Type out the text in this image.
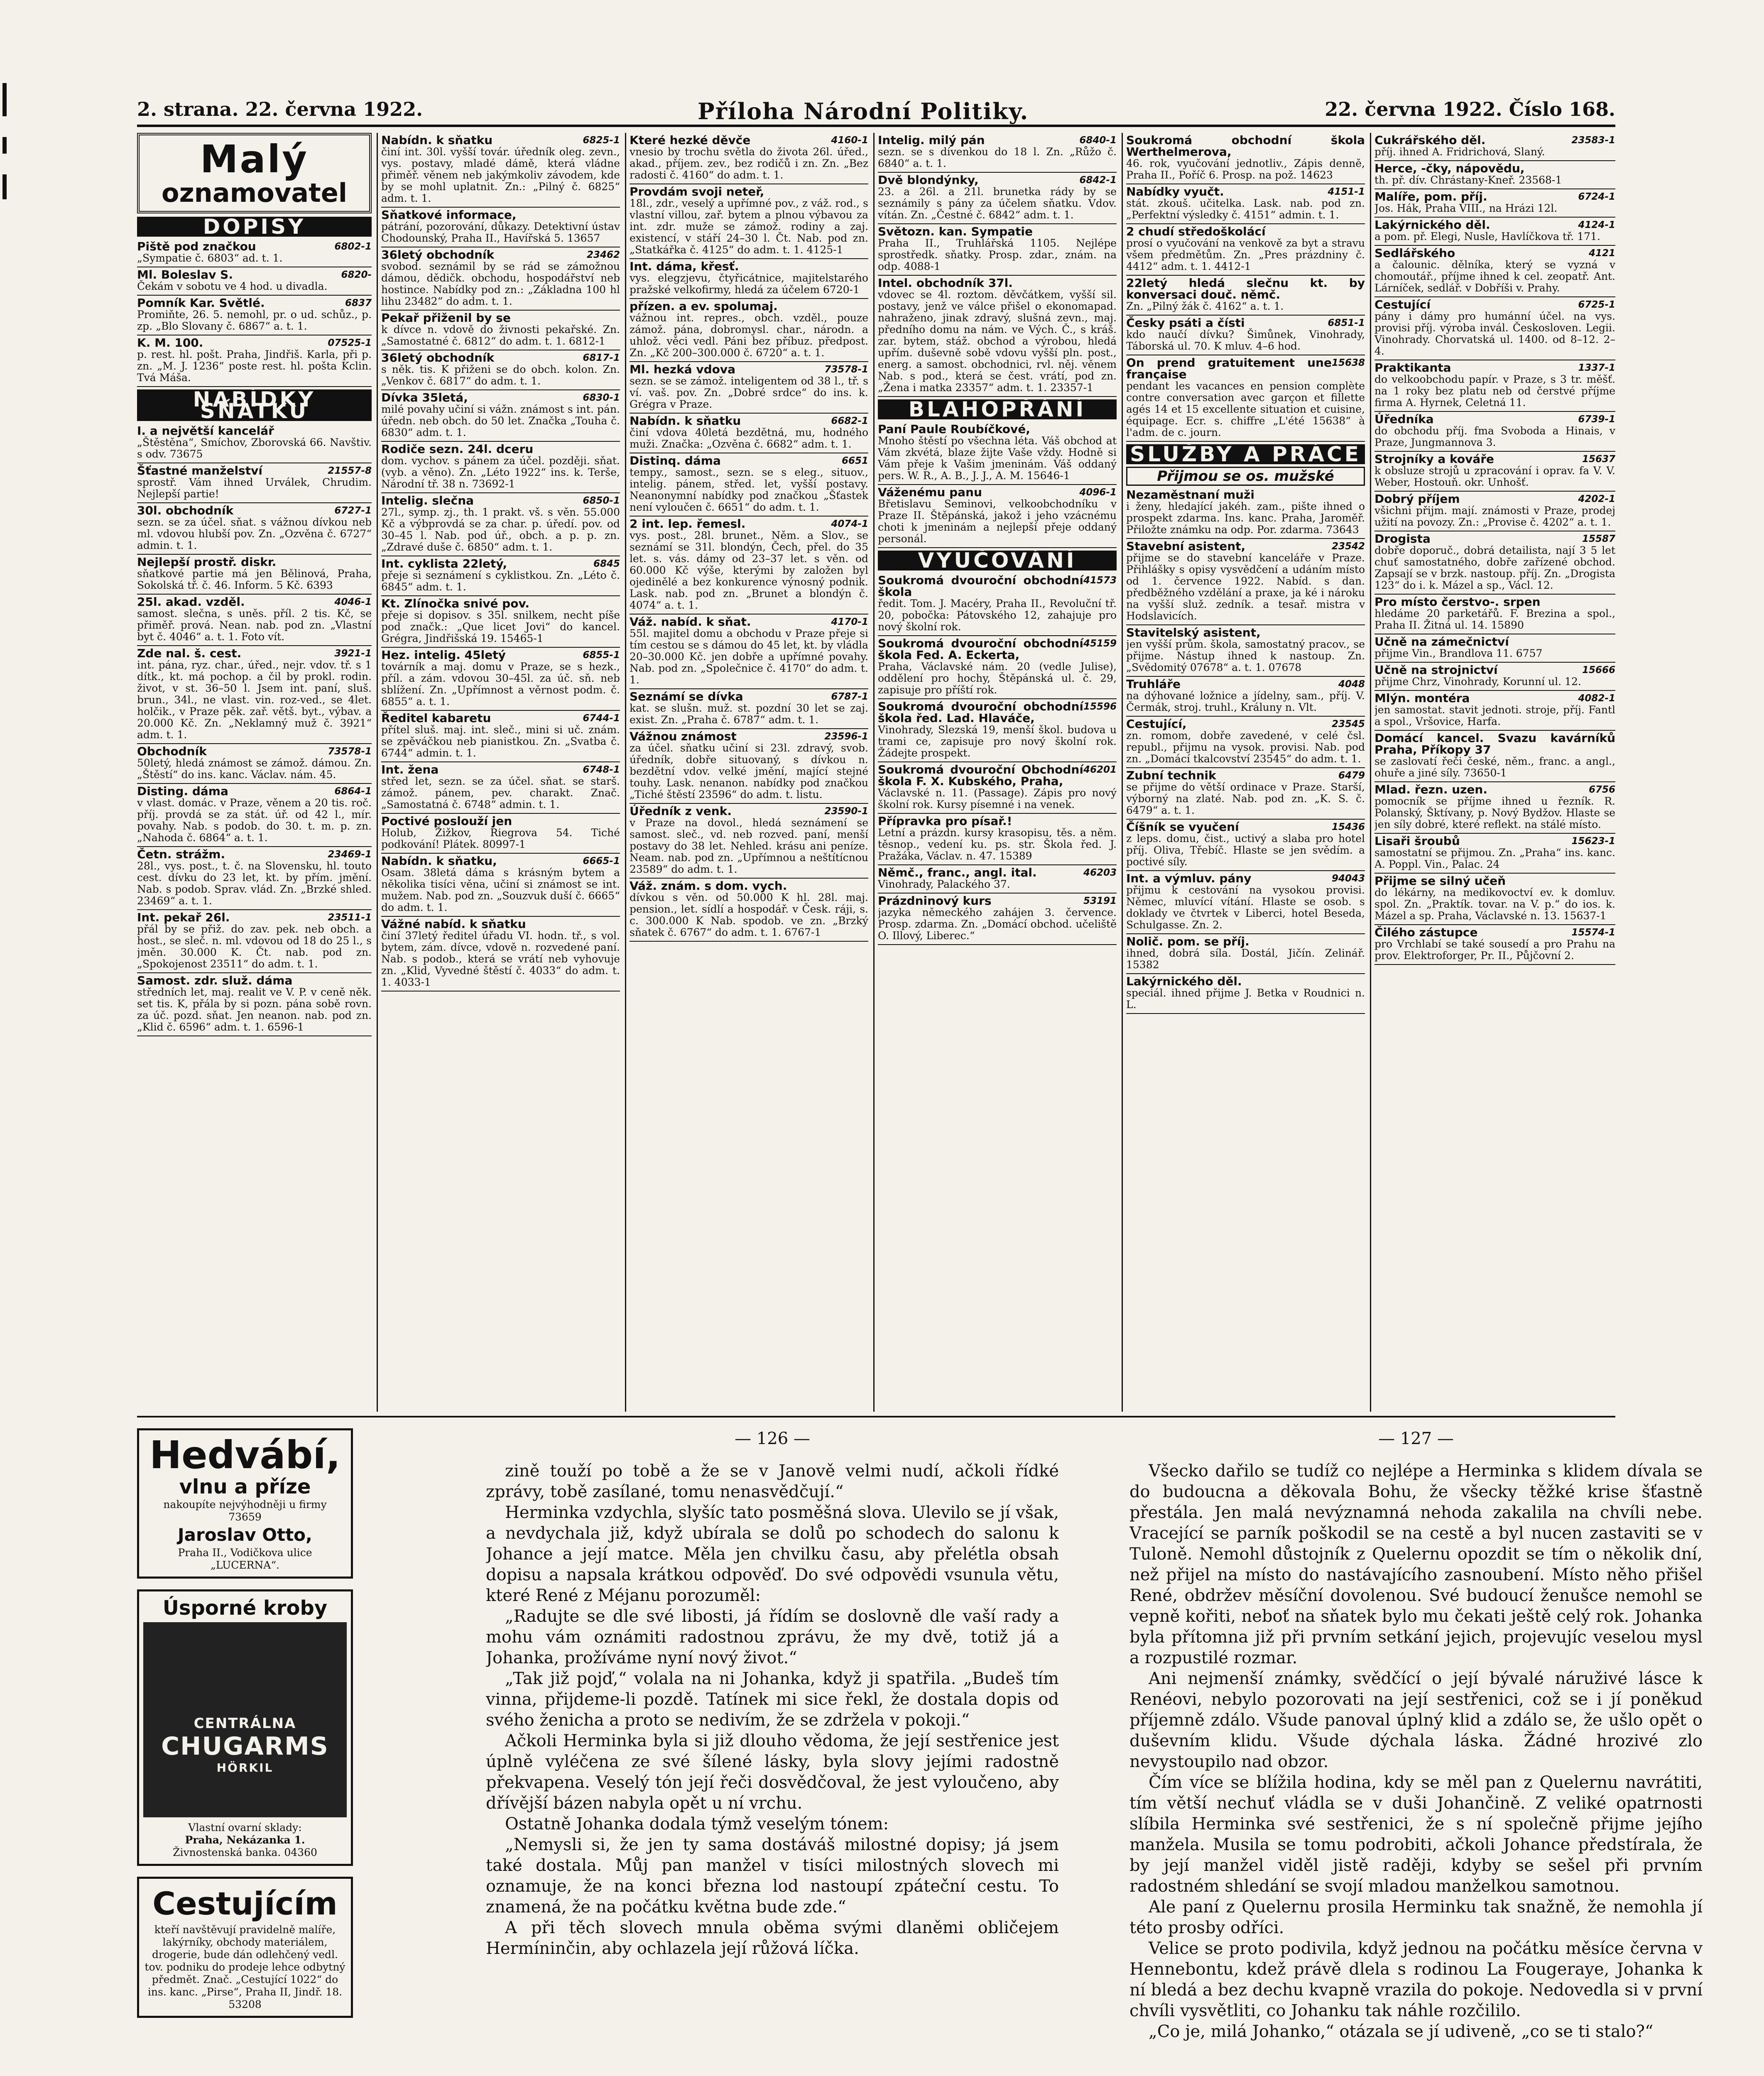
2. strana. 22. června 1922.	Příloha Národní Politiky.	22. června 1922. Číslo 168.
Malý
oznamovatel
DOPISY
6802-1
Piště pod značkou
„Sympatie č. 6803“ ad. t. 1.
6820-
Ml. Boleslav S.
Čekám v sobotu ve 4 hod. u divadla.
6837
Pomník Kar. Světlé.
Promiňte, 26. 5. nemohl, pr. o ud. schůz., p. zp. „Blo Slovany č. 6867“ a. t. 1.
07525-1
K. M. 100.
p. rest. hl. pošt. Praha, Jindřiš. Karla, při p. zn. „M. J. 1236“ poste rest. hl. pošta Kclin. Tvá Máša.
NABÍDKY SŇATKU
I. a největší kancelář
„Štěstěna“, Smíchov, Zborovská 66. Navštiv. s odv. 73675
21557-8
Šťastné manželství
sprostř. Vám ihned Urválek, Chrudim. Nejlepší partie!
6727-1
30l. obchodník
sezn. se za účel. sňat. s vážnou dívkou neb ml. vdovou hlubší pov. Zn. „Ozvěna č. 6727“ admin. t. 1.
Nejlepší prostř. diskr.
sňatkové partie má jen Bělinová, Praha, Sokolská tř. č. 46. Inform. 5 Kč. 6393
4046-1
25l. akad. vzděl.
samost. slečna, s uněs. příl. 2 tis. Kč, se přiměř. prová. Nean. nab. pod zn. „Vlastní byt č. 4046“ a. t. 1. Foto vít.
3921-1
Zde nal. š. cest.
int. pána, ryz. char., úřed., nejr. vdov. tř. s 1 dítk., kt. má pochop. a čil by prokl. rodin. život, v st. 36–50 l. Jsem int. paní, sluš. brun., 34l., ne vlast. vin. roz-ved., se 4let. holčik., v Praze pěk. zař. větš. byt., výbav. a 20.000 Kč. Zn. „Neklamný muž č. 3921“ adm. t. 1.
73578-1
Obchodník
50letý, hledá známost se zámož. dámou. Zn. „Štěstí“ do ins. kanc. Václav. nám. 45.
6864-1
Disting. dáma
v vlast. domác. v Praze, věnem a 20 tis. roč. příj. provdá se za stát. úř. od 42 l., mír. povahy. Nab. s podob. do 30. t. m. p. zn. „Nahoda č. 6864“ a. t. 1.
23469-1
Četn. strážm.
28l., vys. post., t. č. na Slovensku, hl. touto cest. dívku do 23 let, kt. by přím. jmění. Nab. s podob. Sprav. vlád. Zn. „Brzké shled. 23469“ a. t. 1.
23511-1
Int. pekař 26l.
přál by se přiž. do zav. pek. neb obch. a host., se sleč. n. ml. vdovou od 18 do 25 l., s jměn. 30.000 K. Čt. nab. pod zn. „Spokojenost 23511“ do adm. t. 1.
Samost. zdr. služ. dáma
středních let, maj. realit ve V. P. v ceně něk. set tis. K, přála by si pozn. pána sobě rovn. za úč. pozd. sňat. Jen neanon. nab. pod zn. „Klid č. 6596“ adm. t. 1. 6596-1
6825-1
Nabídn. k sňatku
činí int. 30l. vyšší továr. úředník oleg. zevn., vys. postavy, mladé dámě, která vládne přiměř. věnem neb jakýmkoliv závodem, kde by se mohl uplatnit. Zn.: „Pilný č. 6825“ adm. t. 1.
Sňatkové informace,
pátrání, pozorování, důkazy. Detektivní ústav Chodounský, Praha II., Havířská 5. 13657
23462
36letý obchodník
svobod. seznámil by se rád se zámožnou dámou, dědičk. obchodu, hospodářství neb hostince. Nabídky pod zn.: „Základna 100 hl lihu 23482“ do adm. t. 1.
Pekař přiženil by se
k dívce n. vdově do živnosti pekařské. Zn. „Samostatné č. 6812“ do adm. t. 1. 6812-1
6817-1
36letý obchodník
s něk. tis. K přiženi se do obch. kolon. Zn. „Venkov č. 6817“ do adm. t. 1.
6830-1
Dívka 35letá,
milé povahy učiní si vážn. známost s int. pán. úředn. neb obch. do 50 let. Značka „Touha č. 6830“ adm. t. 1.
Rodiče sezn. 24l. dceru
dom. vychov. s pánem za účel. později. sňat. (vyb. a věno). Zn. „Léto 1922“ ins. k. Terše, Národní tř. 38 n. 73692-1
6850-1
Intelig. slečna
27l., symp. zj., th. 1 prakt. vš. s věn. 55.000 Kč a výbprovdá se za char. p. úředí. pov. od 30–45 l. Nab. pod úř., obch. a p. p. zn. „Zdravé duše č. 6850“ adm. t. 1.
6845
Int. cyklista 22letý,
přeje si seznámení s cyklistkou. Zn. „Léto č. 6845“ adm. t. 1.
Kt. Zlínočka snivé pov.
přeje si dopisov. s 35l. snilkem, necht píše pod značk.: „Que licet Jovi“ do kancel. Grégra, Jindřišská 19. 15465-1
6855-1
Hez. intelig. 45letý
továrník a maj. domu v Praze, se s hezk., příl. a zám. vdovou 30–45l. za úč. sň. neb sblížení. Zn. „Upřímnost a věrnost podm. č. 6855“ a. t. 1.
6744-1
Ředitel kabaretu
přítel sluš. maj. int. sleč., mini si uč. znám. se zpěváčkou neb pianistkou. Zn. „Svatba č. 6744“ admin. t. 1.
6748-1
Int. žena
střed let, sezn. se za účel. sňat. se starš. zámož. pánem, pev. charakt. Znač. „Samostatná č. 6748“ admin. t. 1.
Poctivé poslouží jen
Holub, Žižkov, Riegrova 54. Tiché podkování! Plátek. 80997-1
6665-1
Nabídn. k sňatku,
Osam. 38letá dáma s krásným bytem a několika tisíci věna, učiní si známost se int. mužem. Nab. pod zn. „Souzvuk duší č. 6665“ do adm. t. 1.
Vážné nabíd. k sňatku
činí 37letý ředitel úřadu VI. hodn. tř., s vol. bytem, zám. dívce, vdově n. rozvedené paní. Nab. s podob., která se vrátí neb vyhovuje zn. „Klid, Vyvedné štěstí č. 4033“ do adm. t. 1. 4033-1
4160-1
Které hezké děvče
vnesio by trochu světla do života 26l. úřed., akad., příjem. zev., bez rodičů i zn. Zn. „Bez radosti č. 4160“ do adm. t. 1.
Provdám svoji neteř,
18l., zdr., veselý a upřímné pov., z váž. rod., s vlastní villou, zař. bytem a plnou výbavou za int. zdr. muže se zámož. rodiny a zaj. existencí, v stáří 24–30 l. Čt. Nab. pod zn. „Statkářka č. 4125“ do adm. t. 1. 4125-1
Int. dáma, křesť.
vys. elegzjevu, čtyřicátnice, majitelstarého pražské velkofirmy, hledá za účelem 6720-1
přízen. a ev. spolumaj.
vážnou int. repres., obch. vzděl., pouze zámož. pána, dobromysl. char., národn. a uhlož. věci vedl. Páni bez příbuz. předpost. Zn. „Kč 200–300.000 č. 6720“ a. t. 1.
73578-1
Ml. hezká vdova
sezn. se se zámož. inteligentem od 38 l., tř. s ví. vaš. pov. Zn. „Dobré srdce“ do ins. k. Grégra v Praze.
6682-1
Nabídn. k sňatku
činí vdova 40letá bezdětná, mu, hodného muži. Značka: „Ozvěna č. 6682“ adm. t. 1.
6651
Distinq. dáma
tempy., samost., sezn. se s eleg., situov., intelig. pánem, střed. let, vyšší postavy. Neanonymní nabídky pod značkou „Šťastek není vyloučen č. 6651“ do adm. t. 1.
4074-1
2 int. lep. řemesl.
vys. post., 28l. brunet., Něm. a Slov., se seznámí se 31l. blondýn, Čech, přel. do 35 let. s. vás. dámy od 23–37 let. s věn. od 60.000 Kč výše, kterými by založen byl ojedinělé a bez konkurence výnosný podnik. Lask. nab. pod zn. „Brunet a blondýn č. 4074“ a. t. 1.
4170-1
Váž. nabíd. k sňat.
55l. majitel domu a obchodu v Praze přeje si tím cestou se s dámou do 45 let, kt. by vládla 20–30.000 Kč. jen dobře a upřímné povahy. Nab. pod zn. „Společnice č. 4170“ do adm. t. 1.
6787-1
Seznámí se dívka
kat. se slušn. muž. st. pozdní 30 let se zaj. exist. Zn. „Praha č. 6787“ adm. t. 1.
23596-1
Vážnou známost
za účel. sňatku učiní si 23l. zdravý, svob. úředník, dobře situovaný, s dívkou n. bezdětní vdov. velké jmění, mající stejné touhy. Lask. nenanon. nabídky pod značkou „Tiché štěstí 23596“ do adm. t. listu.
23590-1
Úředník z venk.
v Praze na dovol., hledá seznámení se samost. sleč., vd. neb rozved. paní, menší postavy do 38 let. Nehled. krásu ani peníze. Neam. nab. pod zn. „Upřímnou a neštítícnou 23589“ do adm. t. 1.
Váž. znám. s dom. vych.
dívkou s věn. od 50.000 K hl. 28l. maj. pension., let. sídlí a hospodář. v Česk. ráji, s. c. 300.000 K Nab. spodob. ve zn. „Brzký sňatek č. 6767“ do adm. t. 1. 6767-1
6840-1
Intelig. milý pán
sezn. se s dívenkou do 18 l. Zn. „Růžo č. 6840“ a. t. 1.
6842-1
Dvě blondýnky,
23. a 26l. a 21l. brunetka rády by se seznámily s pány za účelem sňatku. Vdov. vítán. Zn. „Čestné č. 6842“ adm. t. 1.
Světozn. kan. Sympatie
Praha II., Truhlářská 1105. Nejlépe sprostředk. sňatky. Prosp. zdar., znám. na odp. 4088-1
Intel. obchodník 37l.
vdovec se 4l. roztom. děvčátkem, vyšší sil. postavy, jenž ve válce přišel o ekonomapad. nahraženo, jinak zdravý, slušná zevn., maj. předního domu na nám. ve Vých. Č., s kráš. zar. bytem, stáž. obchod a výrobou, hledá upřím. duševně sobě vdovu vyšší pln. post., energ. a samost. obchodnici, rvl. něj. věnem Nab. s pod., která se čest. vrátí, pod zn. „Žena i matka 23357“ adm. t. 1. 23357-1
BLAHOPŘÁNÍ
Paní Paule Roubíčkové,
Mnoho štěstí po všechna léta. Váš obchod at Vám zkvétá, blaze žijte Vaše vždy. Hodně si Vám přeje k Vašim jmeninám. Váš oddaný pers. W. R., A. B., J. J., A. M. 15646-1
4096-1
Váženému panu
Břetislavu Seminovi, velkoobchodníku v Praze II. Štěpánská, jakož i jeho vzácnému choti k jmeninám a nejlepší přeje oddaný personál.
VYUČOVÁNÍ
41573
Soukromá dvouroční obchodní škola
ředit. Tom. J. Macéry, Praha II., Revoluční tř. 20, pobočka: Pátovského 12, zahajuje pro nový školní rok.
45159
Soukromá dvouroční obchodní škola Fed. A. Eckerta,
Praha, Václavské nám. 20 (vedle Julise), oddělení pro hochy, Štěpánská ul. č. 29, zapisuje pro příští rok.
15596
Soukromá dvouroční obchodní škola řed. Lad. Hlaváče,
Vinohrady, Slezská 19, menší škol. budova u trami ce, zapisuje pro nový školní rok. Žádejte prospekt.
46201
Soukromá dvouroční Obchodní škola F. X. Kubského, Praha,
Václavské n. 11. (Passage). Zápis pro nový školní rok. Kursy písemné i na venek.
Přípravka pro písař.!
Letní a prázdn. kursy krasopisu, těs. a něm. těsnop., vedení ku. ps. str. Škola řed. J. Pražáka, Václav. n. 47. 15389
46203
Němč., franc., angl. ital.
Vinohrady, Palackého 37.
53191
Prázdninový kurs
jazyka německého zahájen 3. července. Prosp. zdarma. Zn. „Domácí obchod. učeliště O. Illový, Liberec.“
Soukromá obchodní škola Werthelmerova,
46. rok, vyučování jednotliv., Zápis denně, Praha II., Poříč 6. Prosp. na pož. 14623
4151-1
Nabídky vyučt.
stát. zkouš. učitelka. Lask. nab. pod zn. „Perfektní výsledky č. 4151“ admin. t. 1.
2 chudí středoškolácí
prosí o vyučování na venkově za byt a stravu všem předmětům. Zn. „Pres prázdniny č. 4412“ adm. t. 1. 4412-1
22letý hledá slečnu kt. by konversaci douč. němč.
Zn. „Pilný žák č. 4162“ a. t. 1.
6851-1
Česky psáti a čísti
kdo naučí dívku? Šimůnek, Vinohrady, Táborská ul. 70. K mluv. 4–6 hod.
15638
On prend gratuitement une française
pendant les vacances en pension complète contre conversation avec garçon et fillette agés 14 et 15 excellente situation et cuisine, équipage. Ecr. s. chiffre „L'été 15638“ à l'adm. de c. journ.
SLUŽBY A PRÁCE
Přijmou se os. mužské
Nezaměstnaní muži
i ženy, hledající jakéh. zam., pište ihned o prospekt zdarma. Ins. kanc. Praha, Jaroměř. Přiložte známku na odp. Por. zdarma. 73643
23542
Stavební asistent,
přijme se do stavební kanceláře v Praze. Přihlášky s opisy vysvědčení a udáním místo od 1. července 1922. Nabíd. s dan. předběžného vzdělání a praxe, ja ké i nároku na vyšší služ. zedník. a tesař. mistra v Hodslavicích.
Stavitelský asistent,
jen vyšší prům. škola, samostatný pracov., se přijme. Nástup ihned k nastoup. Zn. „Svědomitý 07678“ a. t. 1. 07678
4048
Truhláře
na dýhované ložnice a jídelny, sam., příj. V. Čermák, stroj. truhl., Králuny n. Vlt.
23545
Cestující,
zn. romom, dobře zavedené, v celé čsl. republ., přijmu na vysok. provisi. Nab. pod zn. „Domácí tkalcovství 23545“ do adm. t. 1.
6479
Zubní technik
se přijme do větší ordinace v Praze. Starší, výborný na zlaté. Nab. pod zn. „K. S. č. 6479“ a. t. 1.
15436
Číšník se vyučení
z leps. domu, čist., uctivý a slaba pro hotel příj. Oliva, Třebíč. Hlaste se jen svědím. a poctivé síly.
94043
Int. a výmluv. pány
přijmu k cestování na vysokou provisi. Němec, mluvící vítání. Hlaste se osob. s doklady ve čtvrtek v Liberci, hotel Beseda, Schulgasse. Zn. 2.
Nolič. pom. se příj.
ihned, dobrá síla. Dostál, Jičín. Zelinář. 15382
Lakýrnického děl.
speciál. ihned přijme J. Betka v Roudnici n. L.
23583-1
Cukrářského děl.
příj. ihned A. Fridrichová, Slaný.
Herce, -čky, nápovědu,
th. př. dív. Chrástany-Kneř. 23568-1
6724-1
Malíře, pom. příj.
Jos. Hák, Praha VIII., na Hrázi 12l.
4124-1
Lakýrnického děl.
a pom. př. Elegi, Nusle, Havlíčkova tř. 171.
4121
Sedlářského
a čalounic. dělníka, který se vyzná v chomoutář., příjme ihned k cel. zeopatř. Ant. Lárníček, sedlář. v Dobříši v. Prahy.
6725-1
Cestující
pány i dámy pro humánní účel. na vys. provisi příj. výroba invál. Českosloven. Legii. Vinohrady. Chorvatská ul. 1400. od 8–12. 2–4.
1337-1
Praktikanta
do velkoobchodu papír. v Praze, s 3 tr. měšť. na 1 roky bez platu neb od čerstvé příjme firma A. Hyrnek, Celetná 11.
6739-1
Úředníka
do obchodu příj. fma Svoboda a Hinais, v Praze, Jungmannova 3.
15637
Strojníky a kováře
k obsluze strojů u zpracování i oprav. fa V. V. Weber, Hostouň. okr. Unhošť.
4202-1
Dobrý příjem
všichni přijm. mají. známosti v Praze, prodej užití na povozy. Zn.: „Provise č. 4202“ a. t. 1.
15587
Drogista
dobře doporuč., dobrá detailista, nají 3 5 let chuť samostatného, dobře zařízené obchod. Zapsají se v brzk. nastoup. příj. Zn. „Drogista 123“ do i. k. Mázel a sp., Václ. 12.
Pro místo čerstvo-. srpen
hledáme 20 parketářů. F. Brezina a spol., Praha II. Žitná ul. 14. 15890
Učně na zámečnictví
přijme Vin., Brandlova 11. 6757
15666
Učně na strojnictví
přijme Chrz, Vinohrady, Korunní ul. 12.
4082-1
Mlýn. montéra
jen samostat. stavit jednoti. stroje, příj. Fantl a spol., Vršovice, Harfa.
Domácí kancel. Svazu kavárníků Praha, Příkopy 37
se zaslovatí řeči české, něm., franc. a angl., ohuře a jiné síly. 73650-1
6756
Mlad. řezn. uzen.
pomocník se příjme ihned u řezník. R. Polanský, Šktívany, p. Nový Bydžov. Hlaste se jen síly dobré, které reflekt. na stálé místo.
15623-1
Lisaři šroubů
samostatní se přijmou. Zn. „Praha“ ins. kanc. A. Poppl. Vin., Palac. 24
Přijme se silný učeň
do lékárny, na medikovoctví ev. k domluv. spol. Zn. „Praktík. tovar. na V. p.“ do ios. k. Mázel a sp. Praha, Václavské n. 13. 15637-1
15574-1
Čilého zástupce
pro Vrchlabí se také sousedí a pro Prahu na prov. Elektroforger, Pr. II., Půjčovní 2.
Hedvábí,
vlnu a příze
nakoupíte nejvýhodněji u firmy
73659
Jaroslav Otto,
Praha II., Vodičkova ulice „LUCERNA“.
Úsporné kroby
CENTRÁLNA
CHUGARMS
HÖRKIL
Vlastní ovarní sklady:
Praha, Nekázanka 1.
Živnostenská banka. 04360
Cestujícím
kteří navštěvují pravidelně malíře, lakýrníky, obchody materiálem, drogerie, bude dán odlehčený vedl. tov. podniku do prodeje lehce odbytný předmět. Znač. „Cestující 1022“ do ins. kanc. „Pirse“, Praha II, Jindř. 18. 53208
— 126 —

zině touží po tobě a že se v Janově velmi nudí, ačkoli řídké zprávy, tobě zasílané, tomu nenasvědčují.“

Herminka vzdychla, slyšíc tato posměšná slova. Ulevilo se jí však, a nevdychala již, když ubírala se dolů po schodech do salonu k Johance a její matce. Měla jen chvilku času, aby přelétla obsah dopisu a napsala krátkou odpověď. Do své odpovědi vsunula větu, které René z Méjanu porozuměl:

„Radujte se dle své libosti, já řídím se doslovně dle vaší rady a mohu vám oznámiti radostnou zprávu, že my dvě, totiž já a Johanka, prožíváme nyní nový život.“

„Tak již pojď,“ volala na ni Johanka, když ji spatřila. „Budeš tím vinna, přijdeme-li pozdě. Tatínek mi sice řekl, že dostala dopis od svého ženicha a proto se nedivím, že se zdržela v pokoji.“

Ačkoli Herminka byla si již dlouho vědoma, že její sestřenice jest úplně vyléčena ze své šílené lásky, byla slovy jejími radostně překvapena. Veselý tón její řeči dosvědčoval, že jest vyloučeno, aby dřívější bázen nabyla opět u ní vrchu.

Ostatně Johanka dodala týmž veselým tónem:

„Nemysli si, že jen ty sama dostáváš milostné dopisy; já jsem také dostala. Můj pan manžel v tisíci milostných slovech mi oznamuje, že na konci března lod nastoupí zpáteční cestu. To znamená, že na počátku května bude zde.“

A při těch slovech mnula oběma svými dlaněmi obličejem Hermíninčin, aby ochlazela její růžová líčka.

— 127 —

Všecko dařilo se tudíž co nejlépe a Herminka s klidem dívala se do budoucna a děkovala Bohu, že všecky těžké krise šťastně přestála. Jen malá nevýznamná nehoda zakalila na chvíli nebe. Vracející se parník poškodil se na cestě a byl nucen zastaviti se v Tuloně. Nemohl důstojník z Quelernu opozdit se tím o několik dní, než přijel na místo do nastávajícího zasnoubení. Místo něho přišel René, obdržev měsíční dovolenou. Své budoucí ženušce nemohl se vepně kořiti, neboť na sňatek bylo mu čekati ještě celý rok. Johanka byla přítomna již při prvním setkání jejich, projevujíc veselou mysl a rozpustilé rozmar.

Ani nejmenší známky, svědčící o její bývalé náruživé lásce k Renéovi, nebylo pozorovati na její sestřenici, což se i jí poněkud příjemně zdálo. Všude panoval úplný klid a zdálo se, že ušlo opět o duševním klidu. Všude dýchala láska. Žádné hrozivé zlo nevystoupilo nad obzor.

Čím více se blížila hodina, kdy se měl pan z Quelernu navrátiti, tím větší nechuť vládla se v duši Johančině. Z veliké opatrnosti slíbila Herminka své sestřenici, že s ní společně přijme jejího manžela. Musila se tomu podrobiti, ačkoli Johance předstírala, že by její manžel viděl jistě raději, kdyby se sešel při prvním radostném shledání se svojí mladou manželkou samotnou.

Ale paní z Quelernu prosila Herminku tak snažně, že nemohla jí této prosby odříci.

Velice se proto podivila, když jednou na počátku měsíce června v Hennebontu, kdež právě dlela s rodinou La Fougeraye, Johanka k ní bledá a bez dechu kvapně vrazila do pokoje. Nedovedla si v první chvíli vysvětliti, co Johanku tak náhle rozčililo.

„Co je, milá Johanko,“ otázala se jí udiveně, „co se ti stalo?“
